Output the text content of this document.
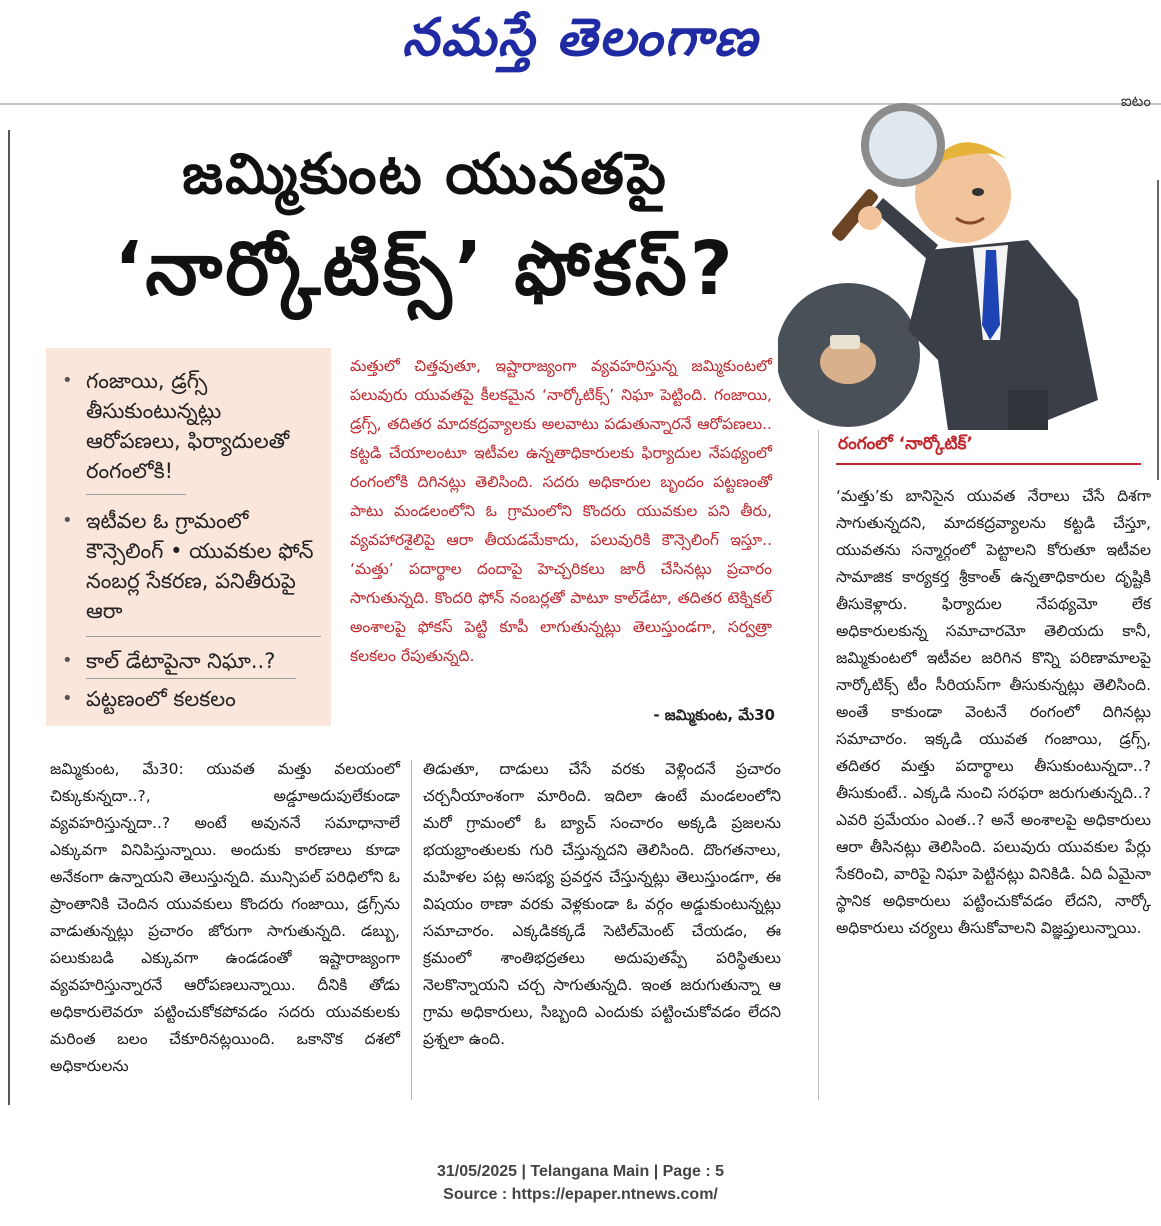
నమస్తే తెలంగాణ
ఐటం
జమ్మికుంట యువతపై
‘నార్కోటిక్స్’ ఫోకస్?
రంగంలో ‘నార్కోటిక్’
• గంజాయి, డ్రగ్స్ తీసుకుంటున్నట్లు ఆరోపణలు, ఫిర్యాదులతో రంగంలోకి!
• ఇటీవల ఓ గ్రామంలో కౌన్సెలింగ్ • యువకుల ఫోన్ నంబర్ల సేకరణ, పనితీరుపై ఆరా
• కాల్ డేటాపైనా నిఘా..?
• పట్టణంలో కలకలం
మత్తులో చిత్తవుతూ, ఇష్టారాజ్యంగా వ్యవహరిస్తున్న జమ్మికుంటలో పలువురు యువతపై కీలకమైన ‘నార్కోటిక్స్’ నిఘా పెట్టింది. గంజాయి, డ్రగ్స్, తదితర మాదకద్రవ్యాలకు అలవాటు పడుతున్నారనే ఆరోపణలు.. కట్టడి చేయాలంటూ ఇటీవల ఉన్నతాధికారులకు ఫిర్యాదుల నేపథ్యంలో రంగంలోకి దిగినట్లు తెలిసింది. సదరు అధికారుల బృందం పట్టణంతో పాటు మండలంలోని ఓ గ్రామంలోని కొందరు యువకుల పని తీరు, వ్యవహారశైలిపై ఆరా తీయడమేకాదు, పలువురికి కౌన్సెలింగ్ ఇస్తూ.. ‘మత్తు’ పదార్థాల దందాపై హెచ్చరికలు జారీ చేసినట్లు ప్రచారం సాగుతున్నది. కొందరి ఫోన్ నంబర్లతో పాటూ కాల్‌డేటా, తదితర టెక్నికల్ అంశాలపై ఫోకస్ పెట్టి కూపీ లాగుతున్నట్లు తెలుస్తుండగా, సర్వత్రా కలకలం రేపుతున్నది.
- జమ్మికుంట, మే30
జమ్మికుంట, మే30: యువత మత్తు వలయంలో చిక్కుకున్నదా..?, అడ్డూఅదుపులేకుండా వ్యవహరిస్తున్నదా..? అంటే అవుననే సమాధానాలే ఎక్కువగా వినిపిస్తున్నాయి. అందుకు కారణాలు కూడా అనేకంగా ఉన్నాయని తెలుస్తున్నది. మున్సిపల్ పరిధిలోని ఓ ప్రాంతానికి చెందిన యువకులు కొందరు గంజాయి, డ్రగ్స్‌ను వాడుతున్నట్లు ప్రచారం జోరుగా సాగుతున్నది. డబ్బు, పలుకుబడి ఎక్కువగా ఉండడంతో ఇష్టారాజ్యంగా వ్యవహరిస్తున్నారనే ఆరోపణలున్నాయి. దీనికి తోడు అధికారులెవరూ పట్టించుకోకపోవడం సదరు యువకులకు మరింత బలం చేకూరినట్లయింది. ఒకానొక దశలో అధికారులను
తిడుతూ, దాడులు చేసే వరకు వెళ్లిందనే ప్రచారం చర్చనీయాంశంగా మారింది. ఇదిలా ఉంటే మండలంలోని మరో గ్రామంలో ఓ బ్యాచ్ సంచారం అక్కడి ప్రజలను భయభ్రాంతులకు గురి చేస్తున్నదని తెలిసింది. దొంగతనాలు, మహిళల పట్ల అసభ్య ప్రవర్తన చేస్తున్నట్లు తెలుస్తుండగా, ఈ విషయం ఠాణా వరకు వెళ్లకుండా ఓ వర్గం అడ్డుకుంటున్నట్లు సమాచారం. ఎక్కడికక్కడే సెటిల్‌మెంట్ చేయడం, ఈ క్రమంలో శాంతిభద్రతలు అదుపుతప్పే పరిస్థితులు నెలకొన్నాయని చర్చ సాగుతున్నది. ఇంత జరుగుతున్నా ఆ గ్రామ అధికారులు, సిబ్బంది ఎందుకు పట్టించుకోవడం లేదని ప్రశ్నలా ఉంది.
‘మత్తు’కు బానిసైన యువత నేరాలు చేసే దిశగా సాగుతున్నదని, మాదకద్రవ్యాలను కట్టడి చేస్తూ, యువతను సన్మార్గంలో పెట్టాలని కోరుతూ ఇటీవల సామాజిక కార్యకర్త శ్రీకాంత్ ఉన్నతాధికారుల దృష్టికి తీసుకెళ్లారు. ఫిర్యాదుల నేపథ్యమో లేక అధికారులకున్న సమాచారమో తెలియదు కానీ, జమ్మికుంటలో ఇటీవల జరిగిన కొన్ని పరిణామాలపై నార్కోటిక్స్ టీం సీరియస్‌గా తీసుకున్నట్లు తెలిసింది. అంతే కాకుండా వెంటనే రంగంలో దిగినట్లు సమాచారం. ఇక్కడి యువత గంజాయి, డ్రగ్స్, తదితర మత్తు పదార్థాలు తీసుకుంటున్నదా..? తీసుకుంటే.. ఎక్కడి నుంచి సరఫరా జరుగుతున్నది..? ఎవరి ప్రమేయం ఎంత..? అనే అంశాలపై అధికారులు ఆరా తీసినట్లు తెలిసింది. పలువురు యువకుల పేర్లు సేకరించి, వారిపై నిఘా పెట్టినట్లు వినికిడి. ఏది ఏమైనా స్థానిక అధికారులు పట్టించుకోవడం లేదని, నార్కో అధికారులు చర్యలు తీసుకోవాలని విజ్ఞప్తులున్నాయి.
31/05/2025 | Telangana Main | Page : 5
Source : https://epaper.ntnews.com/
